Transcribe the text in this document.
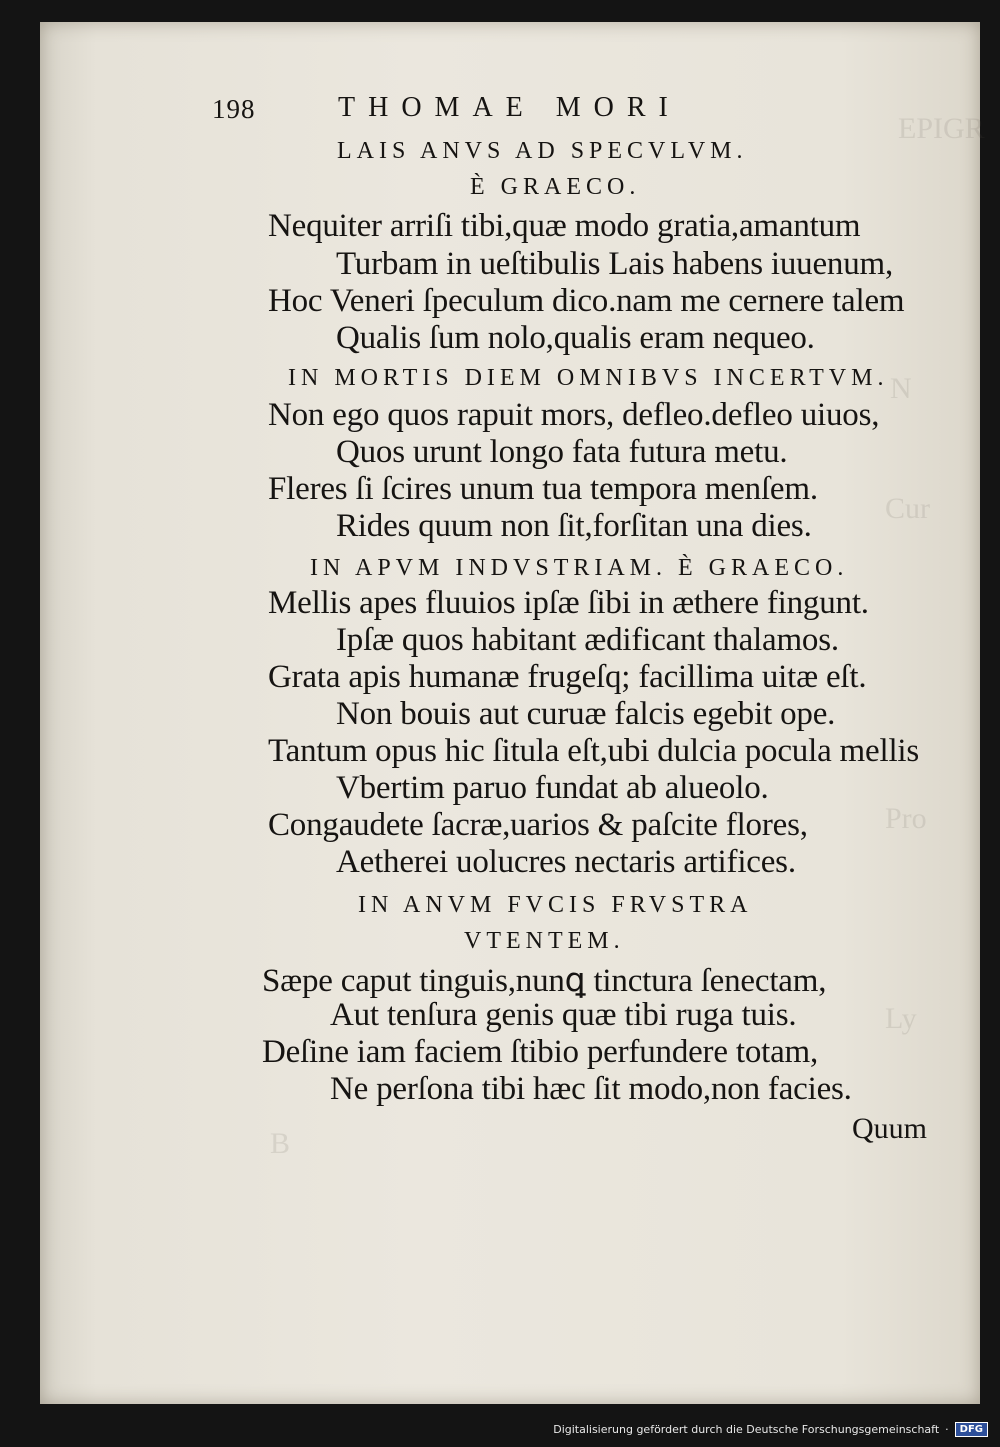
EPIGR
N
Cur
Pro
Ly
B
198	THOMAE MORI
LAIS ANVS AD SPECVLVM.
È GRAECO.
Nequiter arriſi tibi,quæ modo gratia,amantum
Turbam in ueſtibulis Lais habens iuuenum,
Hoc Veneri ſpeculum dico.nam me cernere talem
Qualis ſum nolo,qualis eram nequeo.
IN MORTIS DIEM OMNIBVS INCERTVM.
Non ego quos rapuit mors, defleo.defleo uiuos,
Quos urunt longo fata futura metu.
Fleres ſi ſcires unum tua tempora menſem.
Rides quum non ſit,forſitan una dies.
IN APVM INDVSTRIAM. È GRAECO.
Mellis apes fluuios ipſæ ſibi in æthere fingunt.
Ipſæ quos habitant ædificant thalamos.
Grata apis humanæ frugeſq; facillima uitæ eſt.
Non bouis aut curuæ falcis egebit ope.
Tantum opus hic ſitula eſt,ubi dulcia pocula mellis
Vbertim paruo fundat ab alueolo.
Congaudete ſacræ,uarios & paſcite flores,
Aetherei uolucres nectaris artifices.
IN ANVM FVCIS FRVSTRA
VTENTEM.
Sæpe caput tinguis,nunꝗ tinctura ſenectam,
Aut tenſura genis quæ tibi ruga tuis.
Deſine iam faciem ſtibio perfundere totam,
Ne perſona tibi hæc ſit modo,non facies.
Quum
Digitalisierung gefördert durch die Deutsche Forschungsgemeinschaft ·	DFG
